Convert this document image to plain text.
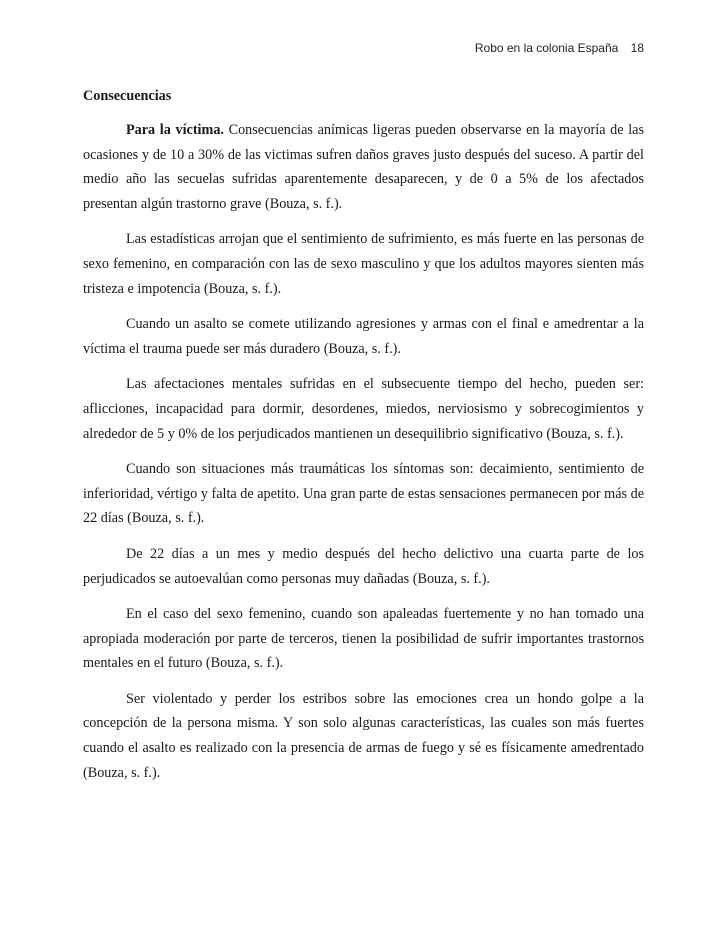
Robo en la colonia España 18
Consecuencias

Para la víctima. Consecuencias anímicas ligeras pueden observarse en la mayoría de las ocasiones y de 10 a 30% de las victimas sufren daños graves justo después del suceso. A partir del medio año las secuelas sufridas aparentemente desaparecen, y de 0 a 5% de los afectados presentan algún trastorno grave (Bouza, s. f.).

Las estadísticas arrojan que el sentimiento de sufrimiento, es más fuerte en las personas de sexo femenino, en comparación con las de sexo masculino y que los adultos mayores sienten más tristeza e impotencia (Bouza, s. f.).

Cuando un asalto se comete utilizando agresiones y armas con el final e amedrentar a la víctima el trauma puede ser más duradero (Bouza, s. f.).

Las afectaciones mentales sufridas en el subsecuente tiempo del hecho, pueden ser: aflicciones, incapacidad para dormir, desordenes, miedos, nerviosismo y sobrecogimientos y alrededor de 5 y 0% de los perjudicados mantienen un desequilibrio significativo (Bouza, s. f.).

Cuando son situaciones más traumáticas los síntomas son: decaimiento, sentimiento de inferioridad, vértigo y falta de apetito. Una gran parte de estas sensaciones permanecen por más de 22 días (Bouza, s. f.).

De 22 días a un mes y medio después del hecho delictivo una cuarta parte de los perjudicados se autoevalúan como personas muy dañadas (Bouza, s. f.).

En el caso del sexo femenino, cuando son apaleadas fuertemente y no han tomado una apropiada moderación por parte de terceros, tienen la posibilidad de sufrir importantes trastornos mentales en el futuro (Bouza, s. f.).

Ser violentado y perder los estribos sobre las emociones crea un hondo golpe a la concepción de la persona misma. Y son solo algunas características, las cuales son más fuertes cuando el asalto es realizado con la presencia de armas de fuego y sé es físicamente amedrentado (Bouza, s. f.).
